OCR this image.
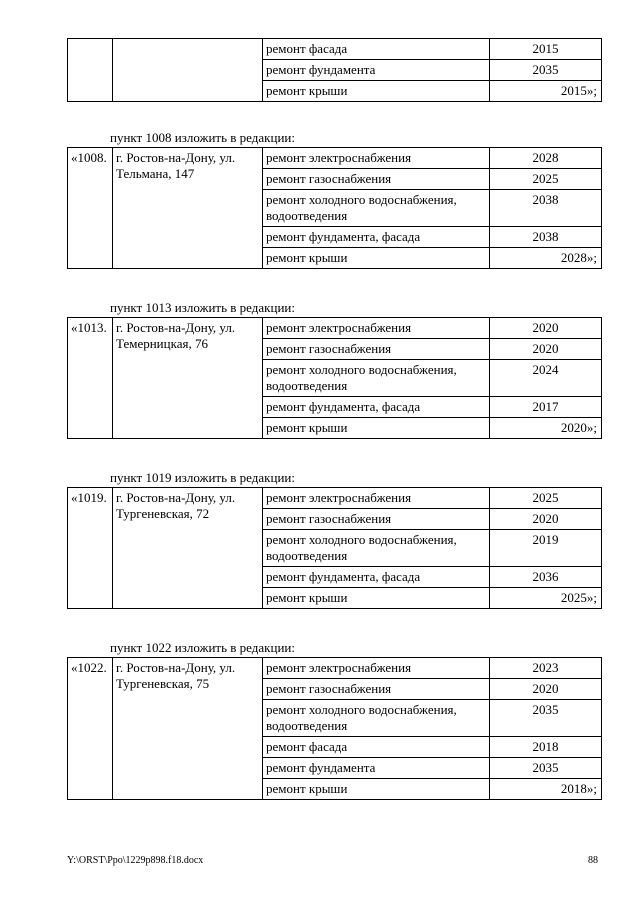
		ремонт фасада	2015
		ремонт фундамента	2035
		ремонт крыши	2015»;
пункт 1008 изложить в редакции:
«1008.	г. Ростов-на-Дону, ул. Тельмана, 147	ремонт электроснабжения	2028
		ремонт газоснабжения	2025
		ремонт холодного водоснабжения, водоотведения	2038
		ремонт фундамента, фасада	2038
		ремонт крыши	2028»;
пункт 1013 изложить в редакции:
«1013.	г. Ростов-на-Дону, ул. Темерницкая, 76	ремонт электроснабжения	2020
		ремонт газоснабжения	2020
		ремонт холодного водоснабжения, водоотведения	2024
		ремонт фундамента, фасада	2017
		ремонт крыши	2020»;
пункт 1019 изложить в редакции:
«1019.	г. Ростов-на-Дону, ул. Тургеневская, 72	ремонт электроснабжения	2025
		ремонт газоснабжения	2020
		ремонт холодного водоснабжения, водоотведения	2019
		ремонт фундамента, фасада	2036
		ремонт крыши	2025»;
пункт 1022 изложить в редакции:
«1022.	г. Ростов-на-Дону, ул. Тургеневская, 75	ремонт электроснабжения	2023
		ремонт газоснабжения	2020
		ремонт холодного водоснабжения, водоотведения	2035
		ремонт фасада	2018
		ремонт фундамента	2035
		ремонт крыши	2018»;
Y:\ORST\Ppo\1229p898.f18.docx	88
